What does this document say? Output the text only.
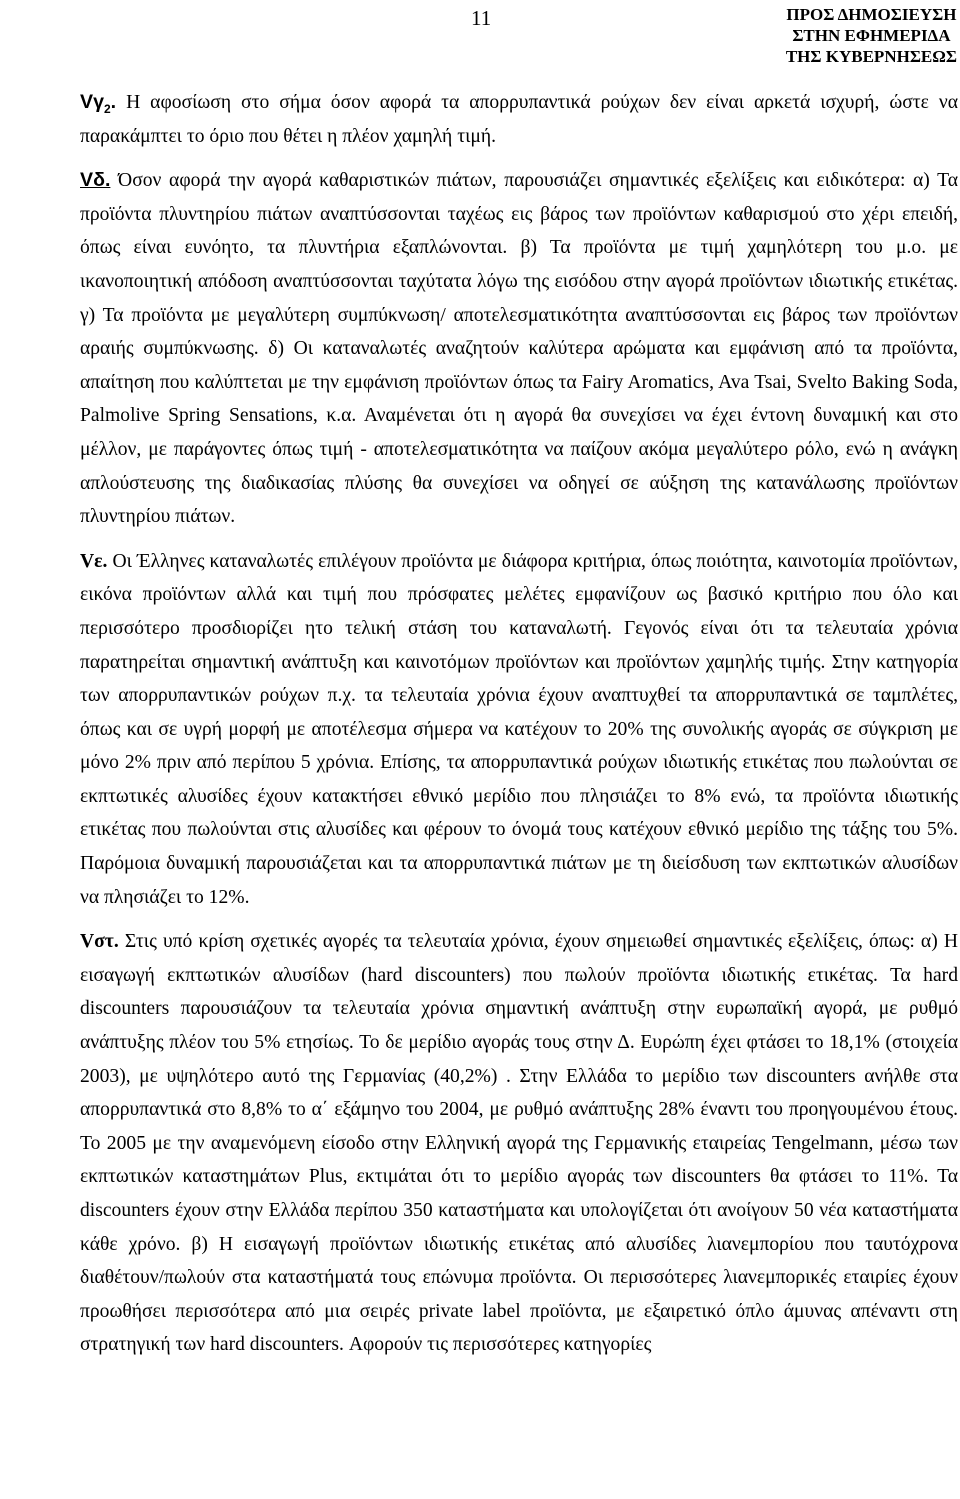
11	ΠΡΟΣ ΔΗΜΟΣΙΕΥΣΗ
ΣΤΗΝ ΕΦΗΜΕΡΙΔΑ
ΤΗΣ ΚΥΒΕΡΝΗΣΕΩΣ

$V\gamma_2$. Η αφοσίωση στο σήμα όσον αφορά τα απορρυπαντικά ρούχων δεν είναι αρκετά ισχυρή, ώστε να παρακάμπτει το όριο που θέτει η πλέον χαμηλή τιμή.

Vδ. Όσον αφορά την αγορά καθαριστικών πιάτων, παρουσιάζει σημαντικές εξελίξεις και ειδικότερα: α) Τα προϊόντα πλυντηρίου πιάτων αναπτύσσονται ταχέως εις βάρος των προϊόντων καθαρισμού στο χέρι επειδή, όπως είναι ευνόητο, τα πλυντήρια εξαπλώνονται. β) Τα προϊόντα με τιμή χαμηλότερη του μ.ο. με ικανοποιητική απόδοση αναπτύσσονται ταχύτατα λόγω της εισόδου στην αγορά προϊόντων ιδιωτικής ετικέτας. γ) Τα προϊόντα με μεγαλύτερη συμπύκνωση/ αποτελεσματικότητα αναπτύσσονται εις βάρος των προϊόντων αραιής συμπύκνωσης. δ) Οι καταναλωτές αναζητούν καλύτερα αρώματα και εμφάνιση από τα προϊόντα, απαίτηση που καλύπτεται με την εμφάνιση προϊόντων όπως τα Fairy Aromatics, Ava Tsai, Svelto Baking Soda, Palmolive Spring Sensations, κ.α. Αναμένεται ότι η αγορά θα συνεχίσει να έχει έντονη δυναμική και στο μέλλον, με παράγοντες όπως τιμή - αποτελεσματικότητα να παίζουν ακόμα μεγαλύτερο ρόλο, ενώ η ανάγκη απλούστευσης της διαδικασίας πλύσης θα συνεχίσει να οδηγεί σε αύξηση της κατανάλωσης προϊόντων πλυντηρίου πιάτων.

Vε. Οι Έλληνες καταναλωτές επιλέγουν προϊόντα με διάφορα κριτήρια, όπως ποιότητα, καινοτομία προϊόντων, εικόνα προϊόντων αλλά και τιμή που πρόσφατες μελέτες εμφανίζουν ως βασικό κριτήριο που όλο και περισσότερο προσδιορίζει ητο τελική στάση του καταναλωτή. Γεγονός είναι ότι τα τελευταία χρόνια παρατηρείται σημαντική ανάπτυξη και καινοτόμων προϊόντων και προϊόντων χαμηλής τιμής. Στην κατηγορία των απορρυπαντικών ρούχων π.χ. τα τελευταία χρόνια έχουν αναπτυχθεί τα απορρυπαντικά σε ταμπλέτες, όπως και σε υγρή μορφή με αποτέλεσμα σήμερα να κατέχουν το 20% της συνολικής αγοράς σε σύγκριση με μόνο 2% πριν από περίπου 5 χρόνια. Επίσης, τα απορρυπαντικά ρούχων ιδιωτικής ετικέτας που πωλούνται σε εκπτωτικές αλυσίδες έχουν κατακτήσει εθνικό μερίδιο που πλησιάζει το 8% ενώ, τα προϊόντα ιδιωτικής ετικέτας που πωλούνται στις αλυσίδες και φέρουν το όνομά τους κατέχουν εθνικό μερίδιο της τάξης του 5%. Παρόμοια δυναμική παρουσιάζεται και τα απορρυπαντικά πιάτων με τη διείσδυση των εκπτωτικών αλυσίδων να πλησιάζει το 12%.

Vστ. Στις υπό κρίση σχετικές αγορές τα τελευταία χρόνια, έχουν σημειωθεί σημαντικές εξελίξεις, όπως: α) Η εισαγωγή εκπτωτικών αλυσίδων (hard discounters) που πωλούν προϊόντα ιδιωτικής ετικέτας. Τα hard discounters παρουσιάζουν τα τελευταία χρόνια σημαντική ανάπτυξη στην ευρωπαϊκή αγορά, με ρυθμό ανάπτυξης πλέον του 5% ετησίως. Το δε μερίδιο αγοράς τους στην Δ. Ευρώπη έχει φτάσει το 18,1% (στοιχεία 2003), με υψηλότερο αυτό της Γερμανίας (40,2%) . Στην Ελλάδα το μερίδιο των discounters ανήλθε στα απορρυπαντικά στο 8,8% το α΄ εξάμηνο του 2004, με ρυθμό ανάπτυξης 28% έναντι του προηγουμένου έτους. Το 2005 με την αναμενόμενη είσοδο στην Ελληνική αγορά της Γερμανικής εταιρείας Tengelmann, μέσω των εκπτωτικών καταστημάτων Plus, εκτιμάται ότι το μερίδιο αγοράς των discounters θα φτάσει το 11%. Τα discounters έχουν στην Ελλάδα περίπου 350 καταστήματα και υπολογίζεται ότι ανοίγουν 50 νέα καταστήματα κάθε χρόνο. β) Η εισαγωγή προϊόντων ιδιωτικής ετικέτας από αλυσίδες λιανεμπορίου που ταυτόχρονα διαθέτουν/πωλούν στα καταστήματά τους επώνυμα προϊόντα. Οι περισσότερες λιανεμπορικές εταιρίες έχουν προωθήσει περισσότερα από μια σειρές private label προϊόντα, με εξαιρετικό όπλο άμυνας απέναντι στη στρατηγική των hard discounters. Αφορούν τις περισσότερες κατηγορίες
